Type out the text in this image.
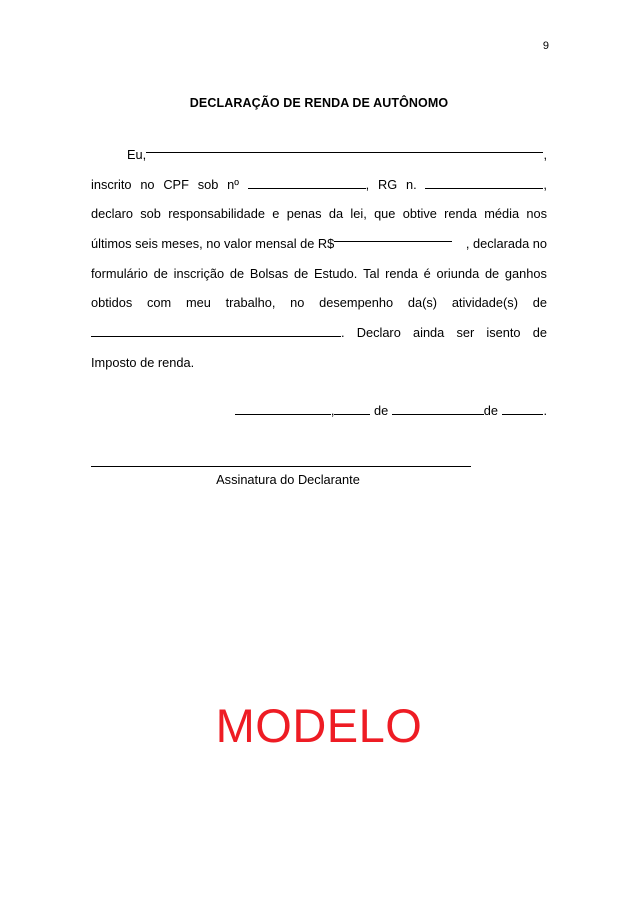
9
DECLARAÇÃO DE RENDA DE AUTÔNOMO
Eu,	,
inscrito no CPF sob nº	, RG n.	,
declaro sob responsabilidade e penas da lei, que obtive renda média nos
últimos seis meses, no valor mensal de R$	, declarada no
formulário de inscrição de Bolsas de Estudo. Tal renda é oriunda de ganhos
obtidos com meu trabalho, no desempenho da(s) atividade(s) de
. Declaro ainda ser isento de
Imposto de renda.
,	de	de	.
Assinatura do Declarante
MODELO
